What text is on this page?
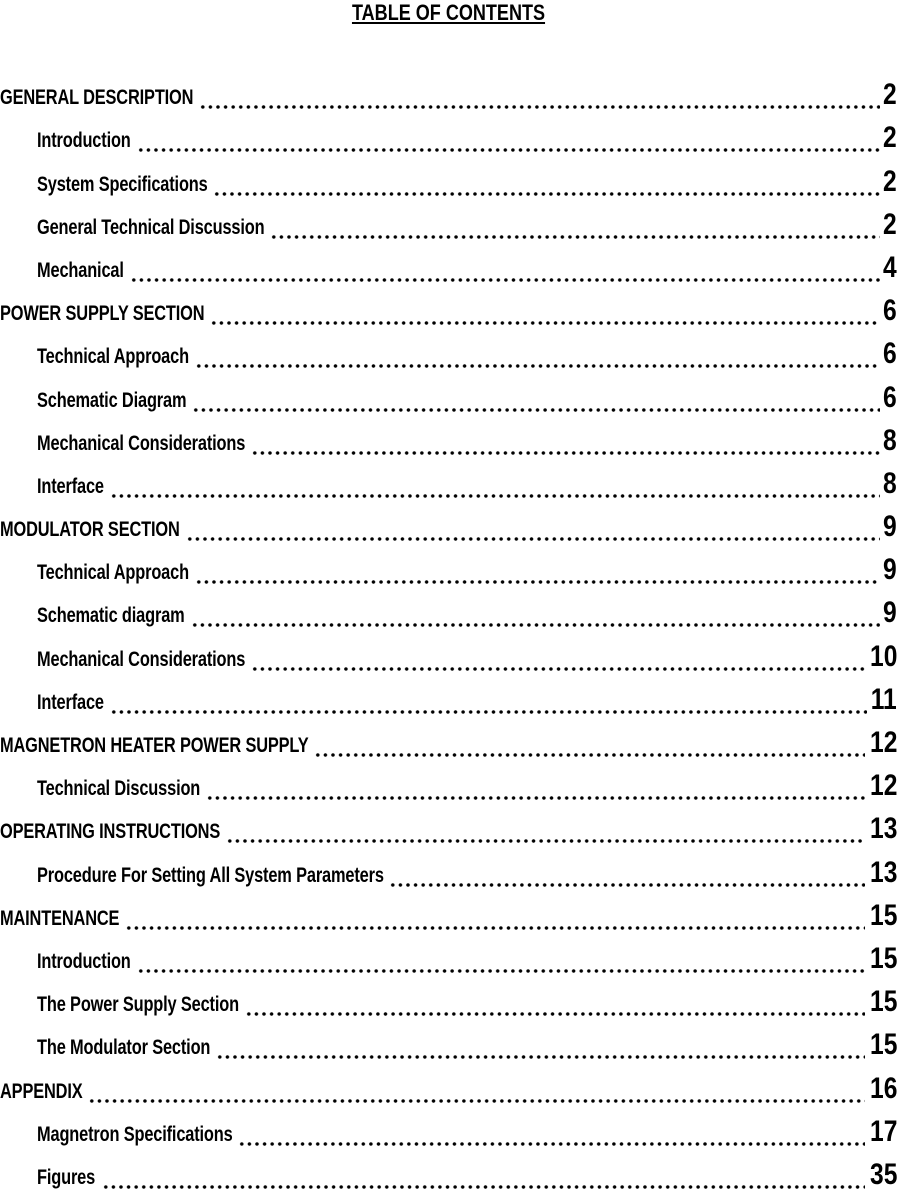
TABLE OF CONTENTS
GENERAL DESCRIPTION	2
Introduction	2
System Specifications	2
General Technical Discussion	2
Mechanical	4
POWER SUPPLY SECTION	6
Technical Approach	6
Schematic Diagram	6
Mechanical Considerations	8
Interface	8
MODULATOR SECTION	9
Technical Approach	9
Schematic diagram	9
Mechanical Considerations	10
Interface	11
MAGNETRON HEATER POWER SUPPLY	12
Technical Discussion	12
OPERATING INSTRUCTIONS	13
Procedure For Setting All System Parameters	13
MAINTENANCE	15
Introduction	15
The Power Supply Section	15
The Modulator Section	15
APPENDIX	16
Magnetron Specifications	17
Figures	35
